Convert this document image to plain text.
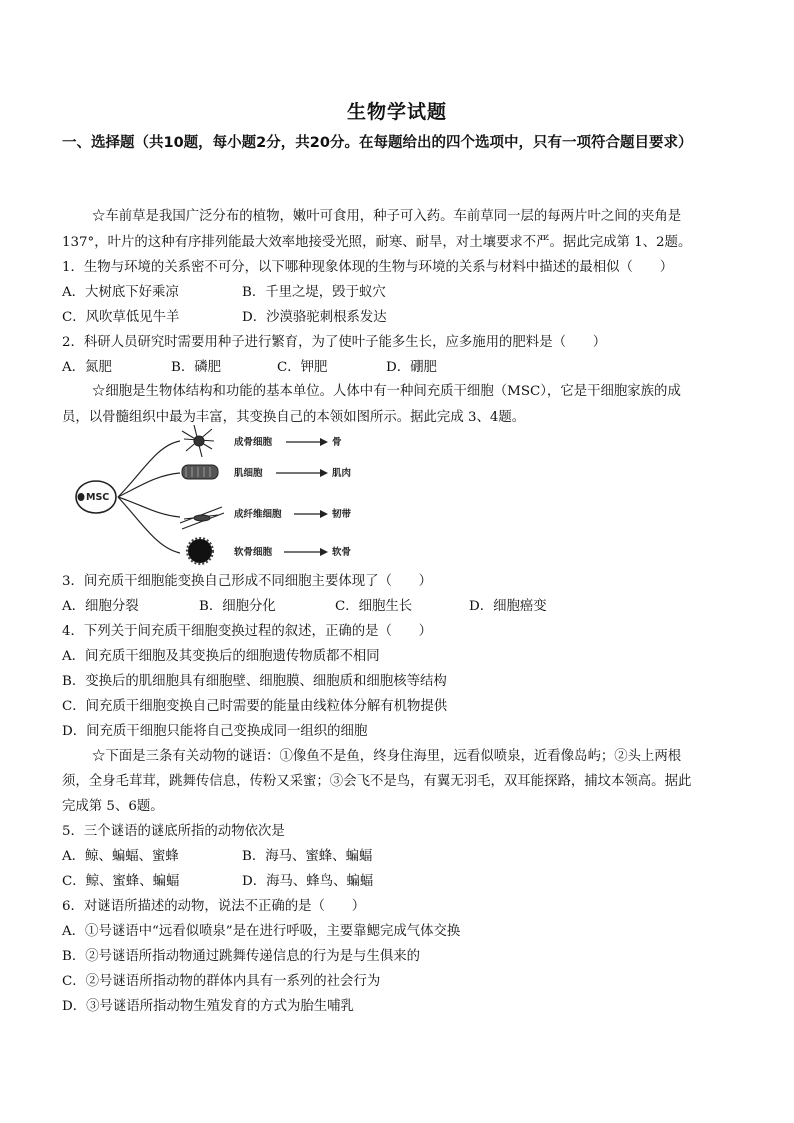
生物学试题
一、选择题（共10题，每小题2分，共20分。在每题给出的四个选项中，只有一项符合题目要求）
☆车前草是我国广泛分布的植物，嫩叶可食用，种子可入药。车前草同一层的每两片叶之间的夹角是
137°，叶片的这种有序排列能最大效率地接受光照，耐寒、耐旱，对土壤要求不严。据此完成第 1、2题。
1．生物与环境的关系密不可分，以下哪种现象体现的生物与环境的关系与材料中描述的最相似（　　）
A．大树底下好乘凉	B．千里之堤，毁于蚁穴
C．风吹草低见牛羊	D．沙漠骆驼刺根系发达
2．科研人员研究时需要用种子进行繁育，为了使叶子能多生长，应多施用的肥料是（　　）
A．氮肥	B．磷肥	C．钾肥	D．硼肥
☆细胞是生物体结构和功能的基本单位。人体中有一种间充质干细胞（MSC），它是干细胞家族的成
员，以骨髓组织中最为丰富，其变换自己的本领如图所示。据此完成 3、4题。
MSC
成骨细胞	骨
肌细胞	肌肉
成纤维细胞	韧带
软骨细胞	软骨
3．间充质干细胞能变换自己形成不同细胞主要体现了（　　）
A．细胞分裂	B．细胞分化	C．细胞生长	D．细胞癌变
4．下列关于间充质干细胞变换过程的叙述，正确的是（　　）
A．间充质干细胞及其变换后的细胞遗传物质都不相同
B．变换后的肌细胞具有细胞壁、细胞膜、细胞质和细胞核等结构
C．间充质干细胞变换自己时需要的能量由线粒体分解有机物提供
D．间充质干细胞只能将自己变换成同一组织的细胞
☆下面是三条有关动物的谜语：①像鱼不是鱼，终身住海里，远看似喷泉，近看像岛屿；②头上两根
须，全身毛茸茸，跳舞传信息，传粉又采蜜；③会飞不是鸟，有翼无羽毛，双耳能探路，捕坟本领高。据此
完成第 5、6题。
5．三个谜语的谜底所指的动物依次是
A．鲸、蝙蝠、蜜蜂	B．海马、蜜蜂、蝙蝠
C．鲸、蜜蜂、蝙蝠	D．海马、蜂鸟、蝙蝠
6．对谜语所描述的动物，说法不正确的是（　　）
A．①号谜语中“远看似喷泉”是在进行呼吸，主要靠鳃完成气体交换
B．②号谜语所指动物通过跳舞传递信息的行为是与生俱来的
C．②号谜语所指动物的群体内具有一系列的社会行为
D．③号谜语所指动物生殖发育的方式为胎生哺乳
